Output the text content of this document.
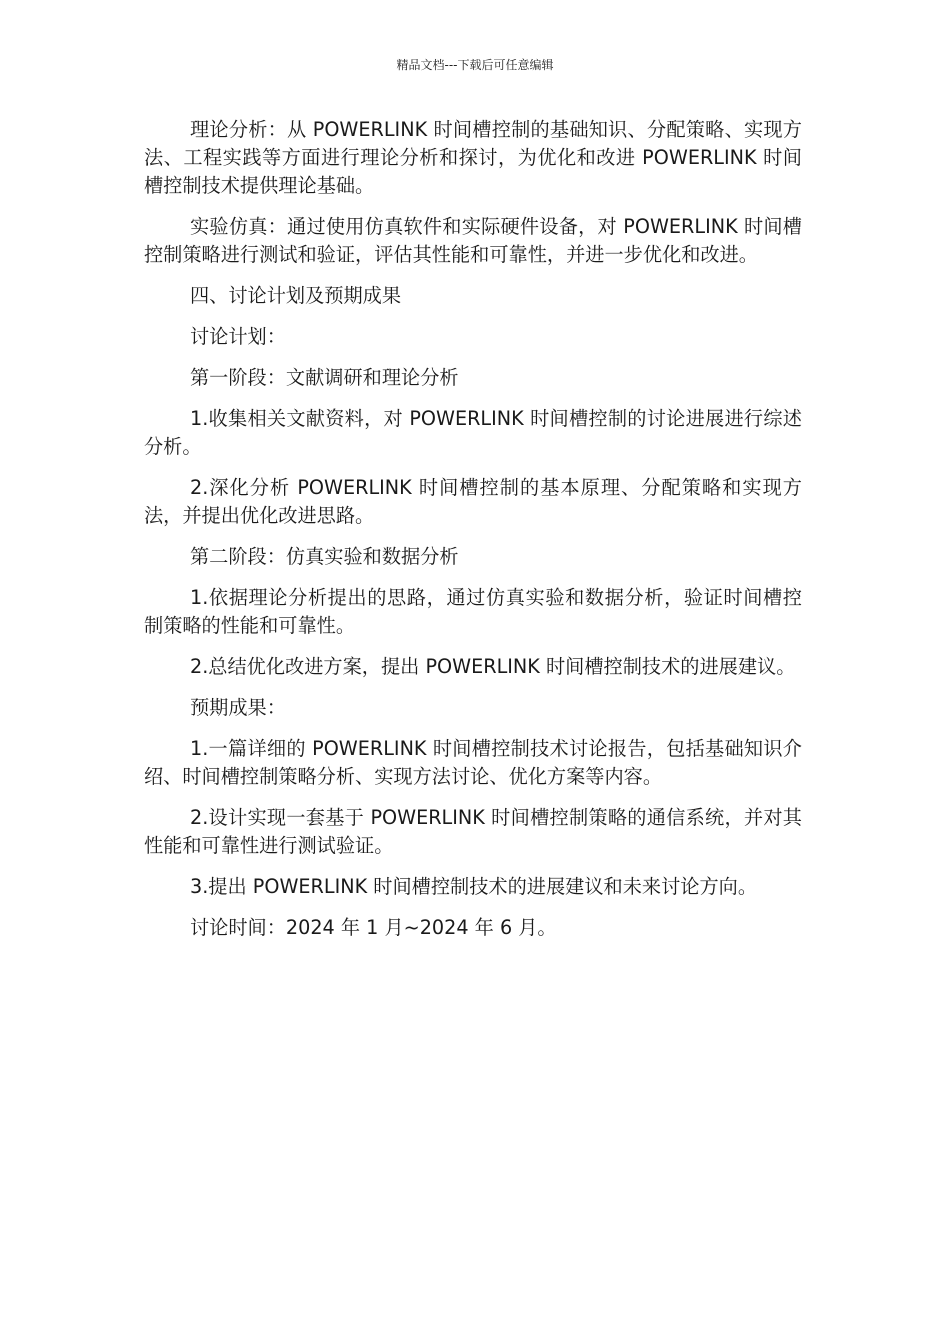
精品文档---下载后可任意编辑

理论分析：从 POWERLINK 时间槽控制的基础知识、分配策略、实现方法、工程实践等方面进行理论分析和探讨，为优化和改进 POWERLINK 时间槽控制技术提供理论基础。

实验仿真：通过使用仿真软件和实际硬件设备，对 POWERLINK 时间槽控制策略进行测试和验证，评估其性能和可靠性，并进一步优化和改进。

四、讨论计划及预期成果

讨论计划：

第一阶段：文献调研和理论分析

1.收集相关文献资料，对 POWERLINK 时间槽控制的讨论进展进行综述分析。

2.深化分析 POWERLINK 时间槽控制的基本原理、分配策略和实现方法，并提出优化改进思路。

第二阶段：仿真实验和数据分析

1.依据理论分析提出的思路，通过仿真实验和数据分析，验证时间槽控制策略的性能和可靠性。

2.总结优化改进方案，提出 POWERLINK 时间槽控制技术的进展建议。

预期成果：

1.一篇详细的 POWERLINK 时间槽控制技术讨论报告，包括基础知识介绍、时间槽控制策略分析、实现方法讨论、优化方案等内容。

2.设计实现一套基于 POWERLINK 时间槽控制策略的通信系统，并对其性能和可靠性进行测试验证。

3.提出 POWERLINK 时间槽控制技术的进展建议和未来讨论方向。

讨论时间：2024 年 1 月~2024 年 6 月。
